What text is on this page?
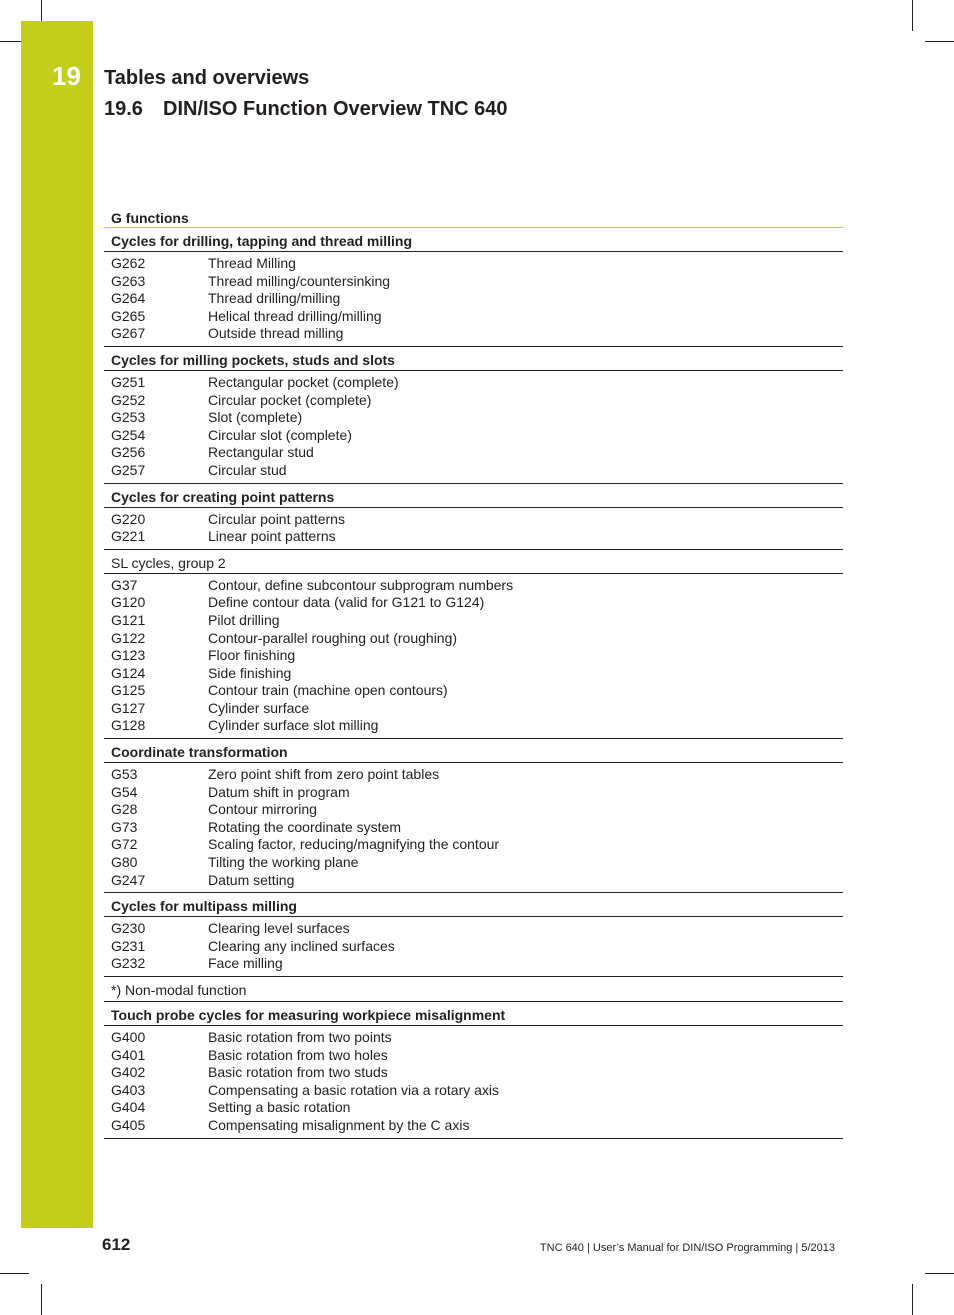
19 Tables and overviews
19.6 DIN/ISO Function Overview TNC 640
G functions
Cycles for drilling, tapping and thread milling
G262	Thread Milling
G263	Thread milling/countersinking
G264	Thread drilling/milling
G265	Helical thread drilling/milling
G267	Outside thread milling
Cycles for milling pockets, studs and slots
G251	Rectangular pocket (complete)
G252	Circular pocket (complete)
G253	Slot (complete)
G254	Circular slot (complete)
G256	Rectangular stud
G257	Circular stud
Cycles for creating point patterns
G220	Circular point patterns
G221	Linear point patterns
SL cycles, group 2
G37	Contour, define subcontour subprogram numbers
G120	Define contour data (valid for G121 to G124)
G121	Pilot drilling
G122	Contour-parallel roughing out (roughing)
G123	Floor finishing
G124	Side finishing
G125	Contour train (machine open contours)
G127	Cylinder surface
G128	Cylinder surface slot milling
Coordinate transformation
G53	Zero point shift from zero point tables
G54	Datum shift in program
G28	Contour mirroring
G73	Rotating the coordinate system
G72	Scaling factor, reducing/magnifying the contour
G80	Tilting the working plane
G247	Datum setting
Cycles for multipass milling
G230	Clearing level surfaces
G231	Clearing any inclined surfaces
G232	Face milling
*) Non-modal function
Touch probe cycles for measuring workpiece misalignment
G400	Basic rotation from two points
G401	Basic rotation from two holes
G402	Basic rotation from two studs
G403	Compensating a basic rotation via a rotary axis
G404	Setting a basic rotation
G405	Compensating misalignment by the C axis
612	TNC 640 | User’s Manual for DIN/ISO Programming | 5/2013
